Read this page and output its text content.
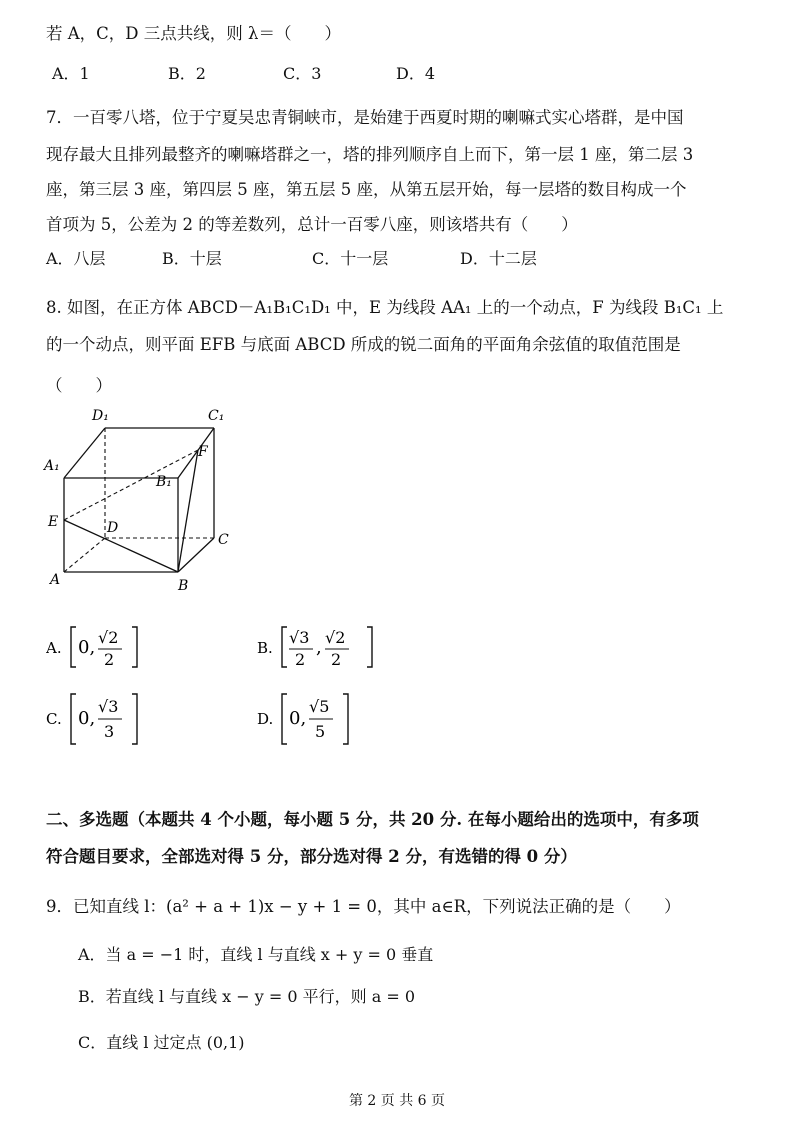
若 A，C，D 三点共线，则 λ＝（　　）
A．1	B．2	C．3	D．4
7．一百零八塔，位于宁夏吴忠青铜峡市，是始建于西夏时期的喇嘛式实心塔群，是中国
现存最大且排列最整齐的喇嘛塔群之一，塔的排列顺序自上而下，第一层 1 座，第二层 3
座，第三层 3 座，第四层 5 座，第五层 5 座，从第五层开始，每一层塔的数目构成一个
首项为 5，公差为 2 的等差数列，总计一百零八座，则该塔共有（　　）
A．八层	B．十层	C．十一层	D．十二层
8. 如图，在正方体 ABCD－A₁B₁C₁D₁ 中，E 为线段 AA₁ 上的一个动点，F 为线段 B₁C₁ 上
的一个动点，则平面 EFB 与底面 ABCD 所成的锐二面角的平面角余弦值的取值范围是
（　　）
D₁	C₁
A₁
B₁
F
E	D
C
A	B
A. 0, √2
2
B.
√3
2
, √2
2
C. 0,
√3
3
D. 0,
√5
5
二、多选题（本题共 4 个小题，每小题 5 分，共 20 分. 在每小题给出的选项中，有多项
符合题目要求，全部选对得 5 分，部分选对得 2 分，有选错的得 0 分）
9．已知直线 l：(a² + a + 1)x − y + 1 = 0，其中 a∈R，下列说法正确的是（　　）
A．当 a = −1 时，直线 l 与直线 x + y = 0 垂直
B．若直线 l 与直线 x − y = 0 平行，则 a = 0
C．直线 l 过定点 (0,1)
第 2 页 共 6 页
